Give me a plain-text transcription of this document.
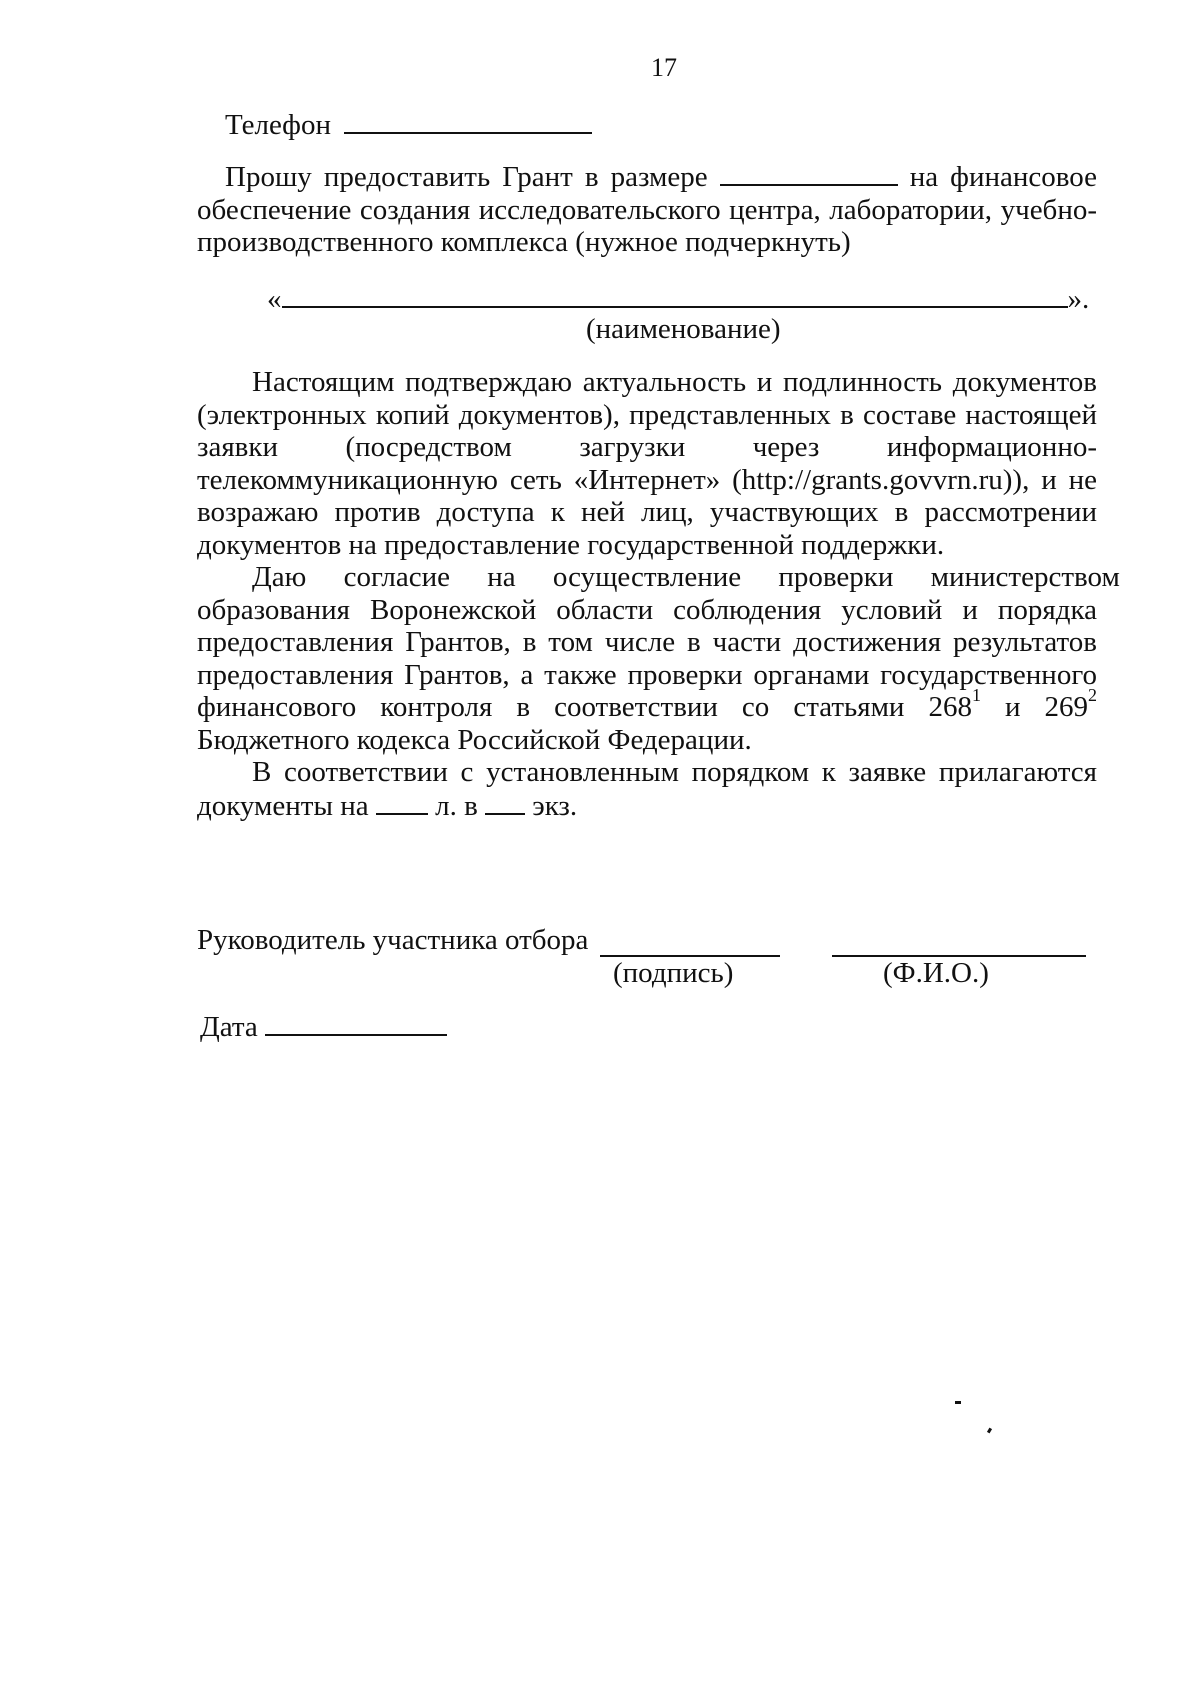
17
Телефон
Прошу предоставить Грант в размере	на финансовое
обеспечение создания исследовательского центра, лаборатории, учебно-
производственного комплекса (нужное подчеркнуть)
«	».
(наименование)
Настоящим подтверждаю актуальность и подлинность документов
(электронных копий документов), представленных в составе настоящей
заявки (посредством загрузки через информационно-
телекоммуникационную сеть «Интернет» (http://grants.govvrn.ru)), и не
возражаю против доступа к ней лиц, участвующих в рассмотрении
документов на предоставление государственной поддержки.
Даю согласие на осуществление проверки министерством
образования Воронежской области соблюдения условий и порядка
предоставления Грантов, в том числе в части достижения результатов
предоставления Грантов, а также проверки органами государственного
финансового контроля в соответствии со статьями $268^1$ и $269^2$
Бюджетного кодекса Российской Федерации.
В соответствии с установленным порядком к заявке прилагаются
документы на л. в экз.
Руководитель участника отбора
(подпись)	(Ф.И.О.)
Дата
